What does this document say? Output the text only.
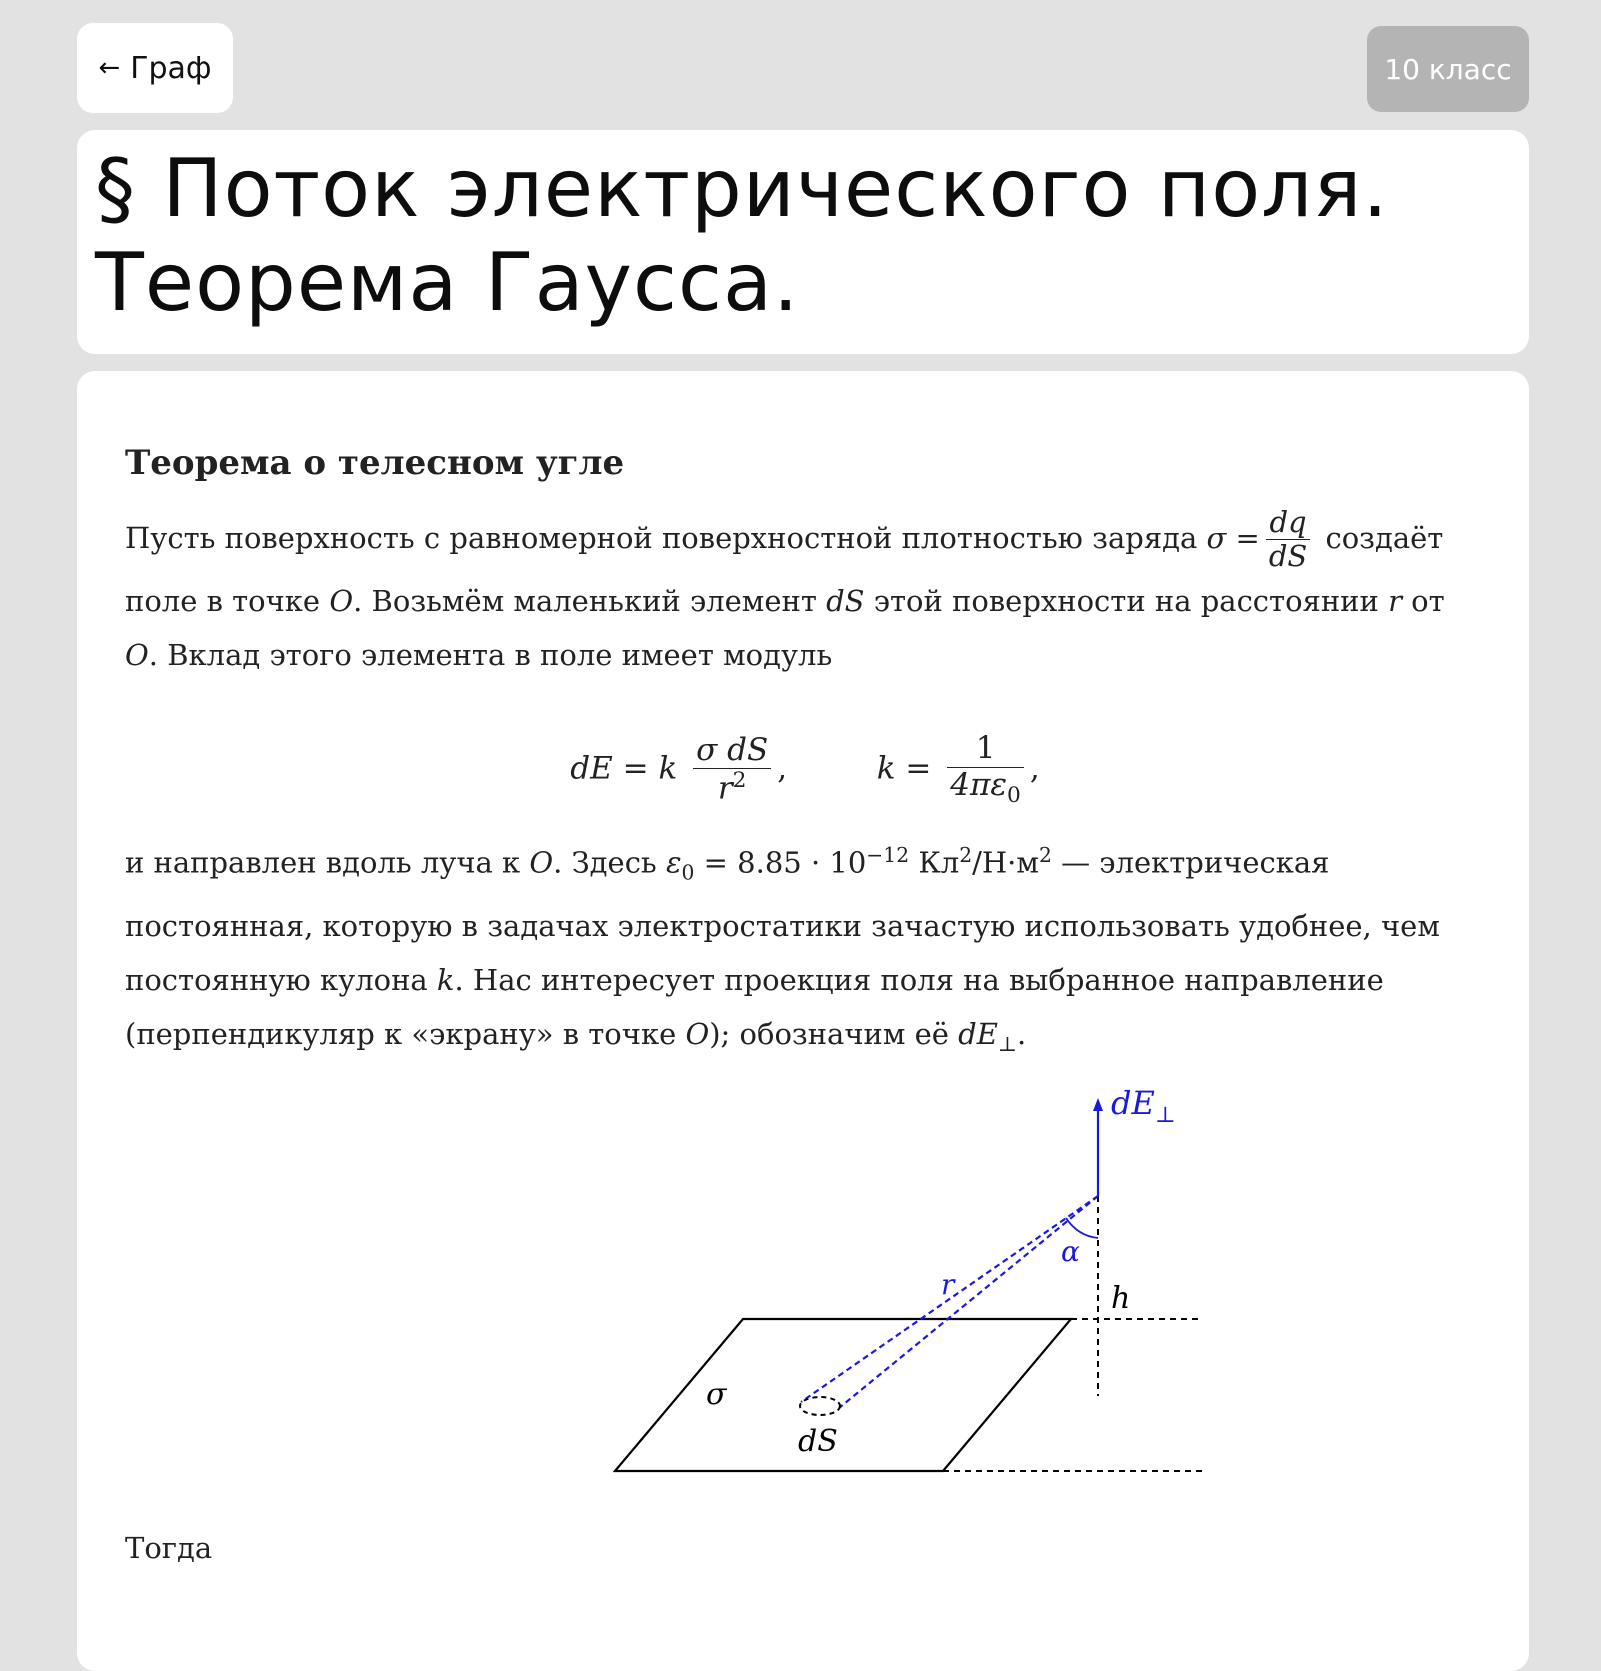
← Граф	10 класс
§ Поток электрического поля.
Теорема Гаусса.
Теорема о телесном угле

Пусть поверхность с равномерной поверхностной плотностью заряда $\sigma = \frac{dq}{dS}$ создаёт поле в точке O. Возьмём маленький элемент dS этой поверхности на расстоянии r от O. Вклад этого элемента в поле имеет модуль

dE = k $\frac{\text{σ dS}}{r^2}$ ,	$k = \frac{1}{4\pi\varepsilon_0}$ ,

и направлен вдоль луча к O. Здесь $\varepsilon_0 = 8.85 \cdot 10^{-12}$ $Кл^2/Н\cdot м^2$ — электрическая постоянная, которую в задачах электростатики зачастую использовать удобнее, чем постоянную кулона k. Нас интересует проекция поля на выбранное направление (перпендикуляр к «экрану» в точке O); обозначим её $dE_\perp$.

$dE_\perp$
α
r	h
σ
dS

Тогда
